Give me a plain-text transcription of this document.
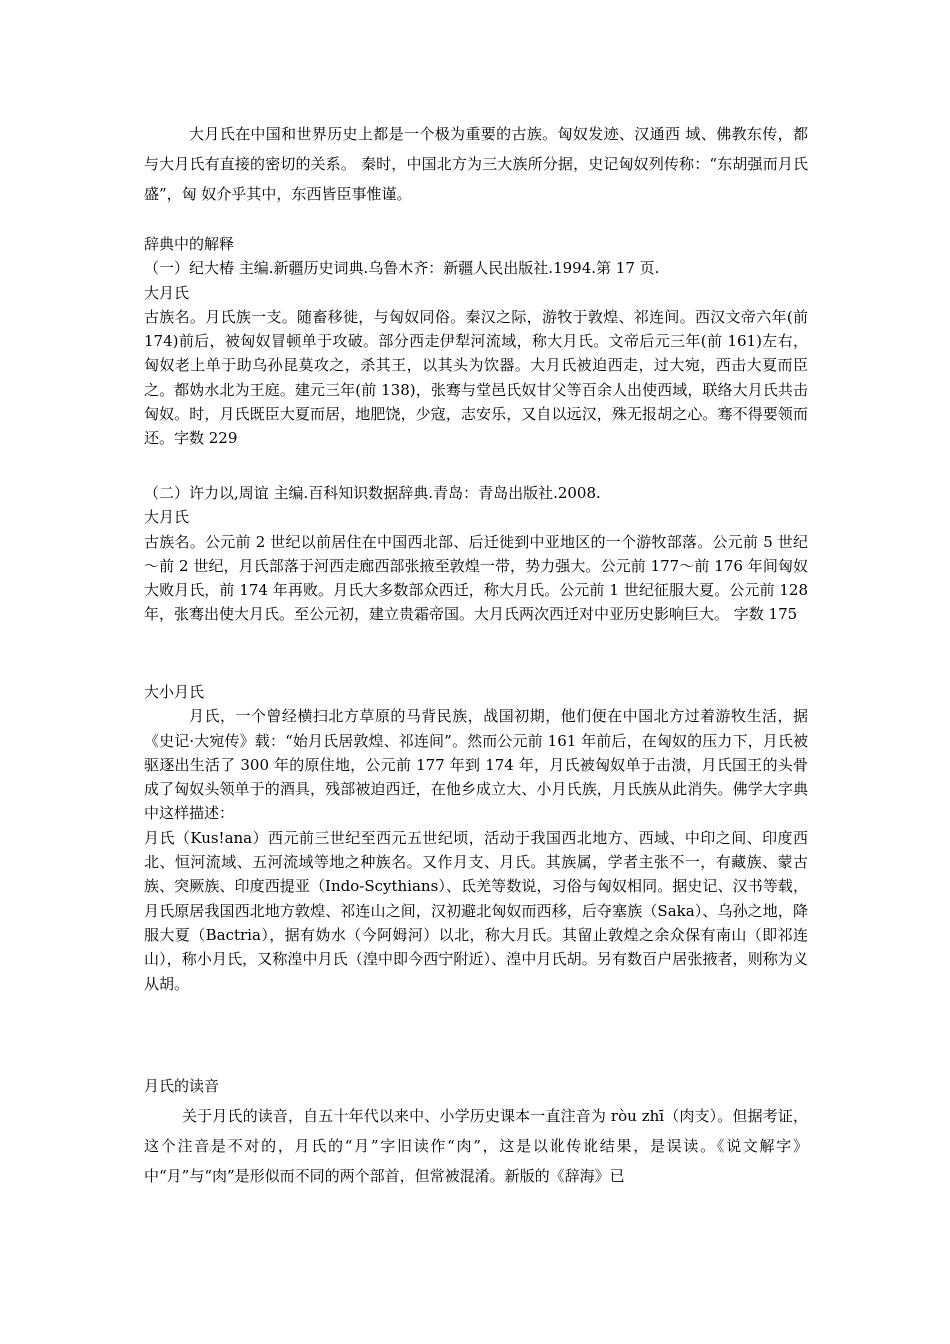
大月氏在中国和世界历史上都是一个极为重要的古族。匈奴发迹、汉通西 域、佛教东传，都与大月氏有直接的密切的关系。 秦时，中国北方为三大族所分据，史记匈奴列传称：“东胡强而月氏盛”，匈 奴介乎其中，东西皆臣事惟谨。

辞典中的解释
（一）纪大椿 主编.新疆历史词典.乌鲁木齐：新疆人民出版社.1994.第 17 页.
大月氏

古族名。月氏族一支。随畜移徙，与匈奴同俗。秦汉之际，游牧于敦煌、祁连间。西汉文帝六年(前 174)前后，被匈奴冒顿单于攻破。部分西走伊犁河流域，称大月氏。文帝后元三年(前 161)左右，匈奴老上单于助乌孙昆莫攻之，杀其王，以其头为饮器。大月氏被迫西走，过大宛，西击大夏而臣之。都妫水北为王庭。建元三年(前 138)，张骞与堂邑氏奴甘父等百余人出使西域，联络大月氏共击匈奴。时，月氏既臣大夏而居，地肥饶，少寇，志安乐，又自以远汉，殊无报胡之心。骞不得要领而还。字数 229

（二）许力以,周谊 主编.百科知识数据辞典.青岛：青岛出版社.2008.
大月氏

古族名。公元前 2 世纪以前居住在中国西北部、后迁徙到中亚地区的一个游牧部落。公元前 5 世纪～前 2 世纪，月氏部落于河西走廊西部张掖至敦煌一带，势力强大。公元前 177～前 176 年间匈奴大败月氏，前 174 年再败。月氏大多数部众西迁，称大月氏。公元前 1 世纪征服大夏。公元前 128 年，张骞出使大月氏。至公元初，建立贵霜帝国。大月氏两次西迁对中亚历史影响巨大。 字数 175

大小月氏

月氏，一个曾经横扫北方草原的马背民族，战国初期，他们便在中国北方过着游牧生活，据《史记·大宛传》载：“始月氏居敦煌、祁连间”。然而公元前 161 年前后，在匈奴的压力下，月氏被驱逐出生活了 300 年的原住地，公元前 177 年到 174 年，月氏被匈奴单于击溃，月氏国王的头骨成了匈奴头领单于的酒具，残部被迫西迁，在他乡成立大、小月氏族，月氏族从此消失。佛学大字典中这样描述：

月氏（Kus!ana）西元前三世纪至西元五世纪顷，活动于我国西北地方、西域、中印之间、印度西北、恒河流域、五河流域等地之种族名。又作月支、月氏。其族属，学者主张不一，有藏族、蒙古族、突厥族、印度西提亚（Indo-Scythians）、氐羌等数说，习俗与匈奴相同。据史记、汉书等载，月氏原居我国西北地方敦煌、祁连山之间，汉初避北匈奴而西移，后夺塞族（Saka）、乌孙之地，降服大夏（Bactria），据有妫水（今阿姆河）以北，称大月氏。其留止敦煌之余众保有南山（即祁连山），称小月氏，又称湟中月氏（湟中即今西宁附近）、湟中月氏胡。另有数百户居张掖者，则称为义从胡。

月氏的读音

关于月氏的读音，自五十年代以来中、小学历史课本一直注音为 ròu zhī（肉支）。但据考证，这个注音是不对的，月氏的“月”字旧读作“肉”，这是以讹传讹结果，是误读。《说文解字》中“月”与“肉”是形似而不同的两个部首，但常被混淆。新版的《辞海》已
